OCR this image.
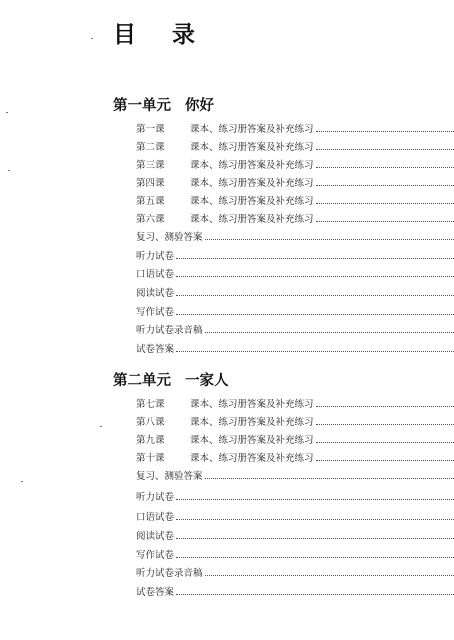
目 录
第一单元 你好
第一课	课本、练习册答案及补充练习
第二课	课本、练习册答案及补充练习
第三课	课本、练习册答案及补充练习
第四课	课本、练习册答案及补充练习
第五课	课本、练习册答案及补充练习
第六课	课本、练习册答案及补充练习
复习、测验答案
听力试卷
口语试卷
阅读试卷
写作试卷
听力试卷录音稿
试卷答案
第二单元 一家人
第七课	课本、练习册答案及补充练习
第八课	课本、练习册答案及补充练习
第九课	课本、练习册答案及补充练习
第十课	课本、练习册答案及补充练习
复习、测验答案
听力试卷
口语试卷
阅读试卷
写作试卷
听力试卷录音稿
试卷答案
